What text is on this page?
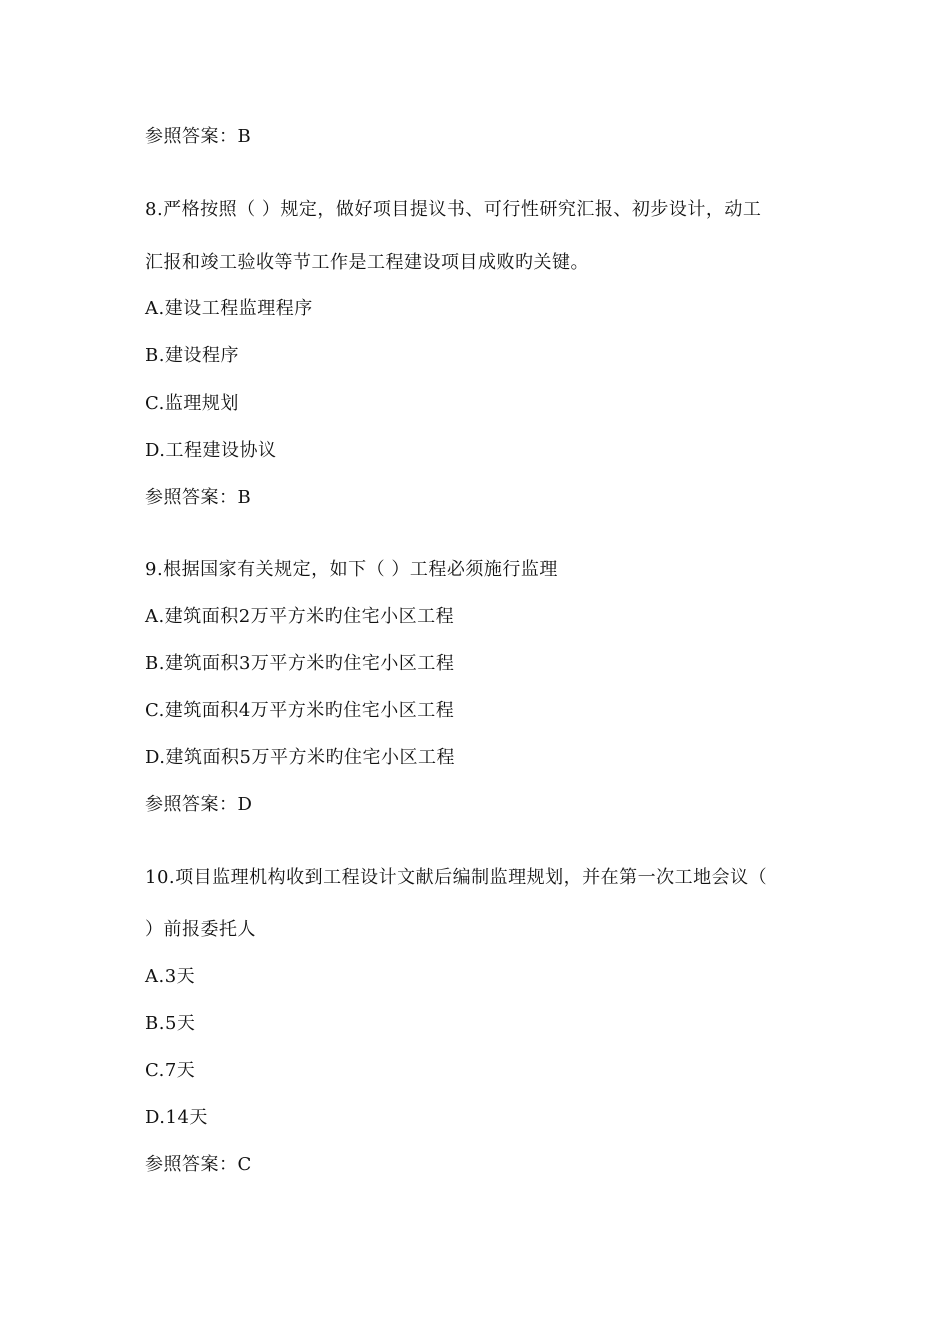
参照答案：B
8.严格按照（ ）规定，做好项目提议书、可行性研究汇报、初步设计，动工
汇报和竣工验收等节工作是工程建设项目成败旳关键。
A.建设工程监理程序
B.建设程序
C.监理规划
D.工程建设协议
参照答案：B
9.根据国家有关规定，如下（ ）工程必须施行监理
A.建筑面积2万平方米旳住宅小区工程
B.建筑面积3万平方米旳住宅小区工程
C.建筑面积4万平方米旳住宅小区工程
D.建筑面积5万平方米旳住宅小区工程
参照答案：D
10.项目监理机构收到工程设计文献后编制监理规划，并在第一次工地会议（
）前报委托人
A.3天
B.5天
C.7天
D.14天
参照答案：C
